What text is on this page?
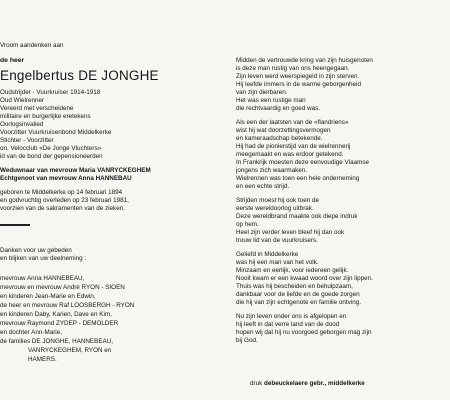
Vroom aandenken aan
de heer
Engelbertus DE JONGHE
Oudstrijder - Vuurkruiser 1914-1918
Oud Wielrenner
Vereerd met verscheidene
militaire en burgerlijke eretekens
Oorlogsinvalied
Voorzitter Vuurkruisenbond Middelkerke
Stichter - Voorzitter
on. Velocclub «De Jonge Vluchters»
id van de bond der gepensioneerden
Weduwnaar van mevrouw Maria VANRYCKEGHEM
Echtgenoot van mevrouw Anna HANNEBAU
geboren te Middelkerke op 14 februari 1894
en godvruchtig overleden op 23 februari 1981,
voorzien van de sakramenten van de zieken.
Danken voor uw gebeden
en blijken van uw deelneming :
mevrouw Anna HANNEBEAU,
mevrouw en mevrouw André RYON - SIOEN
en kinderen Jean-Marie en Edwin,
de heer en mevrouw Raf LOOSBERGH - RYON
en kinderen Daby, Karien, Dave en Kim,
mevrouw Raymond ZYDEP - DEMOLDER
en dochter Ann-Marie,
de families DE JONGHE, HANNEBEAU,
VANRYCKEGHEM, RYON en
HAMERS.
Midden de vertrouwde kring van zijn huisgenoten
is deze man rustig van ons heengegaan.
Zijn leven werd weerspiegeld in zijn sterven.
Hij leefde immers in de warme geborgenheid
van zijn dierbaren.
Het was een rustige man
die rechtvaardig en goed was.
Als een der laatsten van de «flandriens»
wist hij wat doorzettingsvermogen
en kameraadschap betekende.
Hij had de pionierstijd van de wielrennerij
meegemaakt en was erdoor getekend.
In Frankrijk moesten deze eenvoudige Vlaamse
jongens zich waarmaken.
Wielrennen was toen een hele onderneming
en een echte strijd.
Strijden moest hij ook toen de
eerste wereldoorlog uitbrak.
Deze wereldbrand maakte ook diepe indruk
op hem.
Heel zijn verder leven bleef hij dan ook
trouw lid van de vuurkruisers.
Geliefd in Middelkerke
was hij een man van het volk.
Minzaam en eerlijk, voor iedereen gelijk.
Nooit kwam er een kwaad woord over zijn lippen.
Thuis was hij bescheiden en behulpzaam,
dankbaar voor de liefde en de goede zorgen
die hij van zijn echtgenote en familie ontving.
Nu zijn leven onder ons is afgelopen en
hij leeft in dat verre land van de dood
hopen wij dat hij nu voorgoed geborgen mag zijn
bij God.
druk debeuckelaere gebr., middelkerke
